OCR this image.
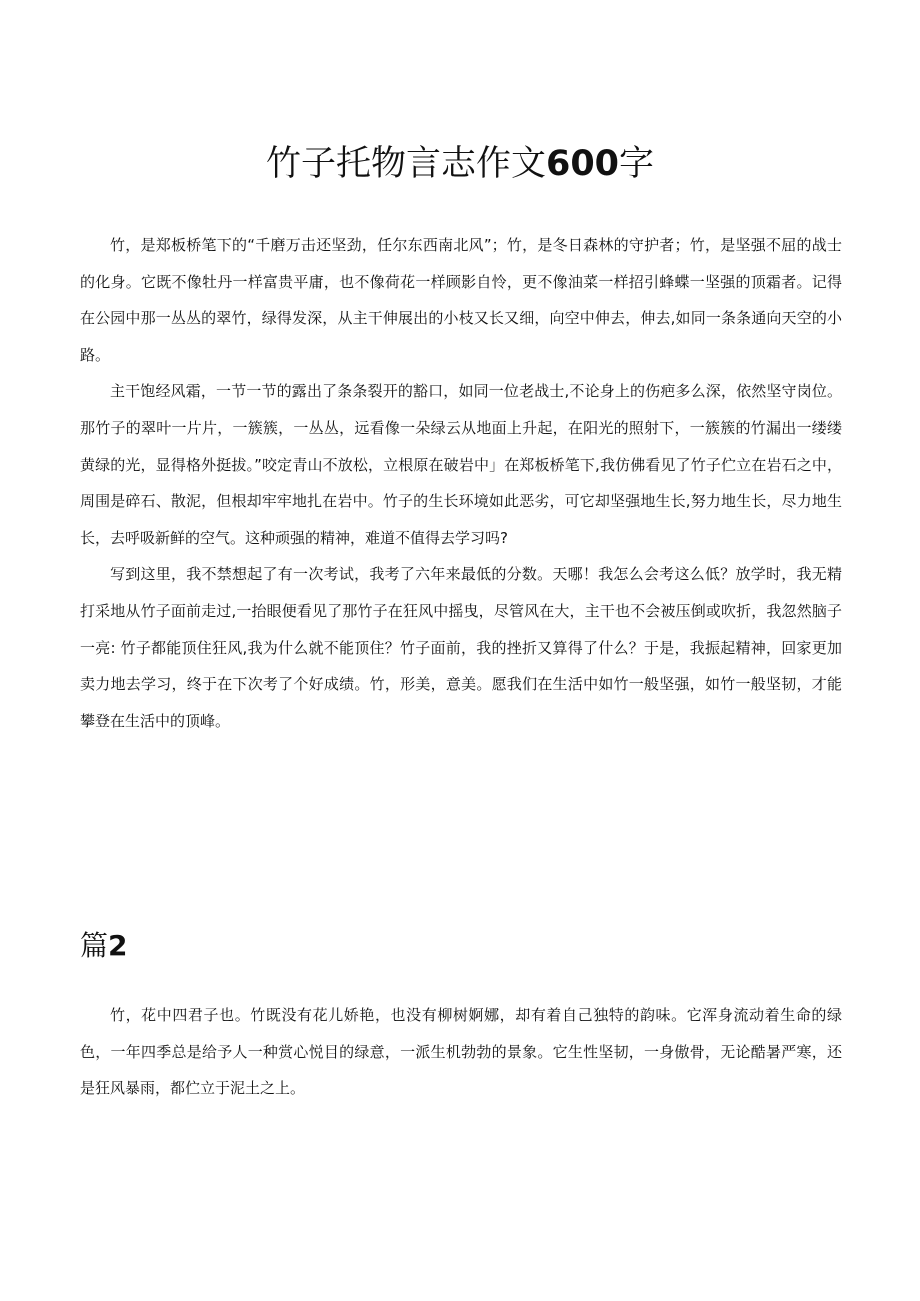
竹子托物言志作文600字

竹，是郑板桥笔下的“千磨万击还坚劲，任尔东西南北风”；竹，是冬日森林的守护者；竹，是坚强不屈的战士的化身。它既不像牡丹一样富贵平庸，也不像荷花一样顾影自怜，更不像油菜一样招引蜂蝶一坚强的顶霜者。记得在公园中那一丛丛的翠竹，绿得发深，从主干伸展出的小枝又长又细，向空中伸去，伸去,如同一条条通向天空的小路。

主干饱经风霜，一节一节的露出了条条裂开的豁口，如同一位老战士,不论身上的伤疤多么深，依然坚守岗位。那竹子的翠叶一片片，一簇簇，一丛丛，远看像一朵绿云从地面上升起，在阳光的照射下，一簇簇的竹漏出一缕缕黄绿的光，显得格外挺拔。”咬定青山不放松，立根原在破岩中」在郑板桥笔下,我仿佛看见了竹子伫立在岩石之中，周围是碎石、散泥，但根却牢牢地扎在岩中。竹子的生长环境如此恶劣，可它却坚强地生长,努力地生长，尽力地生长，去呼吸新鲜的空气。这种顽强的精神，难道不值得去学习吗?

写到这里，我不禁想起了有一次考试，我考了六年来最低的分数。天哪！我怎么会考这么低？放学时，我无精打采地从竹子面前走过,一抬眼便看见了那竹子在狂风中摇曳，尽管风在大，主干也不会被压倒或吹折，我忽然脑子一亮: 竹子都能顶住狂风,我为什么就不能顶住？竹子面前，我的挫折又算得了什么？于是，我振起精神，回家更加卖力地去学习，终于在下次考了个好成绩。竹，形美，意美。愿我们在生活中如竹一般坚强，如竹一般坚韧，才能攀登在生活中的顶峰。

篇2

竹，花中四君子也。竹既没有花儿娇艳，也没有柳树婀娜，却有着自己独特的韵味。它浑身流动着生命的绿色，一年四季总是给予人一种赏心悦目的绿意，一派生机勃勃的景象。它生性坚韧，一身傲骨，无论酷暑严寒，还是狂风暴雨，都伫立于泥土之上。
